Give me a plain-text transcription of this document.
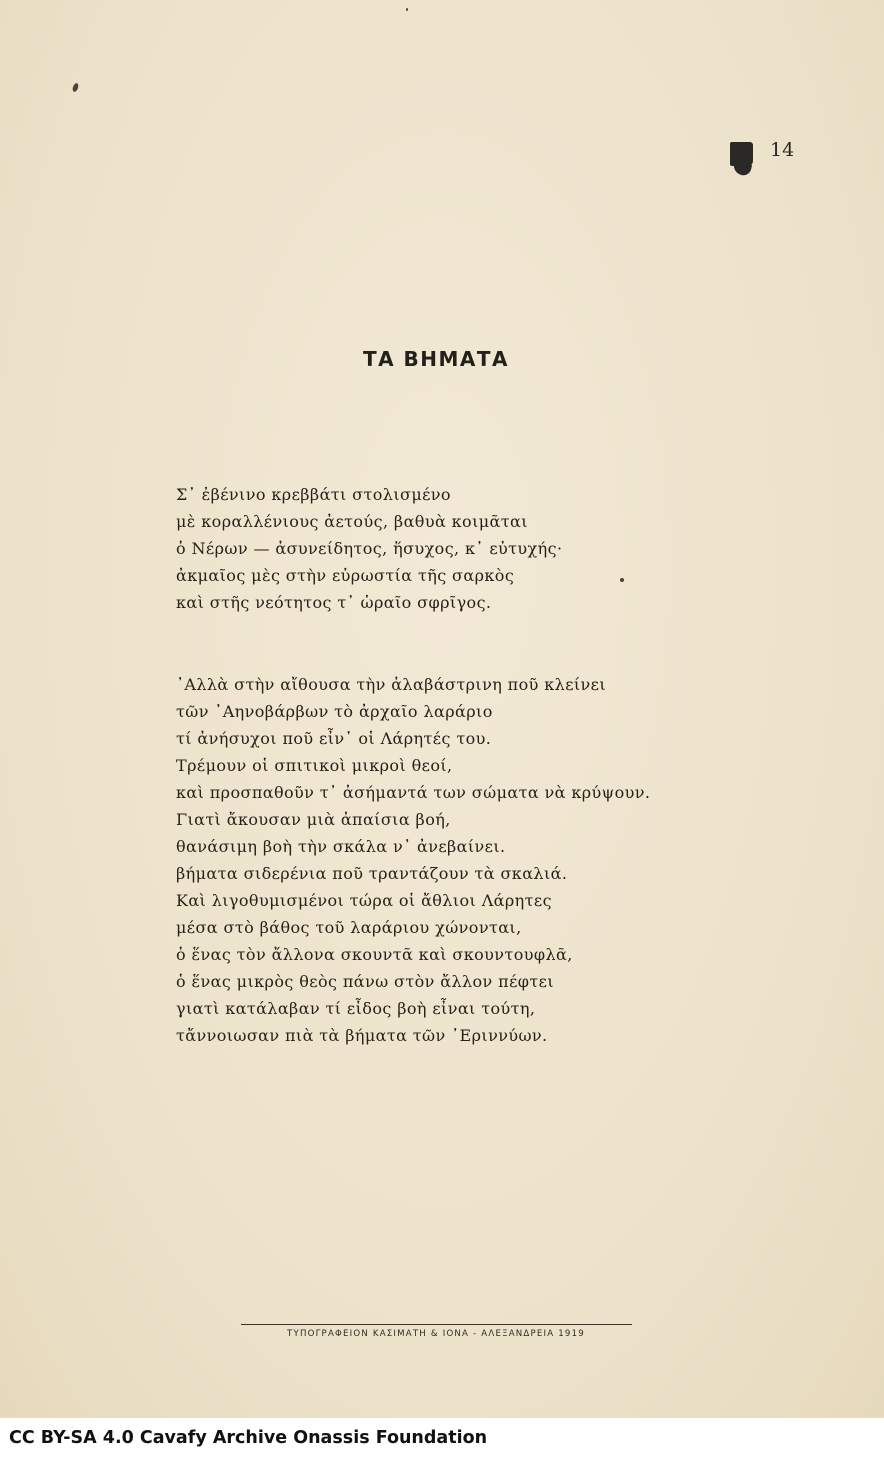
14
ΤΑ ΒΗΜΑΤΑ
Σ᾽ ἐβένινο κρεββάτι στολισμένο
μὲ κοραλλένιους ἀετούς, βαθυὰ κοιμᾶται
ὁ Νέρων — ἀσυνείδητος, ἥσυχος, κ᾽ εὐτυχής·
ἀκμαῖος μὲς στὴν εὐρωστία τῆς σαρκὸς
καὶ στῆς νεότητος τ᾽ ὡραῖο σφρῖγος.
᾽Αλλὰ στὴν αἴθουσα τὴν ἀλαβάστρινη ποῦ κλείνει
τῶν ᾽Αηνοβάρβων τὸ ἀρχαῖο λαράριο
τί ἀνήσυχοι ποῦ εἶν᾽ οἱ Λάρητές του.
Τρέμουν οἱ σπιτικοὶ μικροὶ θεοί,
καὶ προσπαθοῦν τ᾽ ἀσήμαντά των σώματα νὰ κρύψουν.
Γιατὶ ἄκουσαν μιὰ ἀπαίσια βοή,
θανάσιμη βοὴ τὴν σκάλα ν᾽ ἀνεβαίνει.
βήματα σιδερένια ποῦ τραντάζουν τὰ σκαλιά.
Καὶ λιγοθυμισμένοι τώρα οἱ ἄθλιοι Λάρητες
μέσα στὸ βάθος τοῦ λαράριου χώνονται,
ὁ ἕνας τὸν ἄλλονα σκουντᾶ καὶ σκουντουφλᾶ,
ὁ ἕνας μικρὸς θεὸς πάνω στὸν ἄλλον πέφτει
γιατὶ κατάλαβαν τί εἶδος βοὴ εἶναι τούτη,
τἄννοιωσαν πιὰ τὰ βήματα τῶν ᾽Εριννύων.
ΤΥΠΟΓΡΑΦΕΙΟΝ ΚΑΣΙΜΑΤΗ & ΙΟΝΑ - ΑΛΕΞΑΝΔΡΕΙΑ 1919
CC BY-SA 4.0 Cavafy Archive Onassis Foundation
